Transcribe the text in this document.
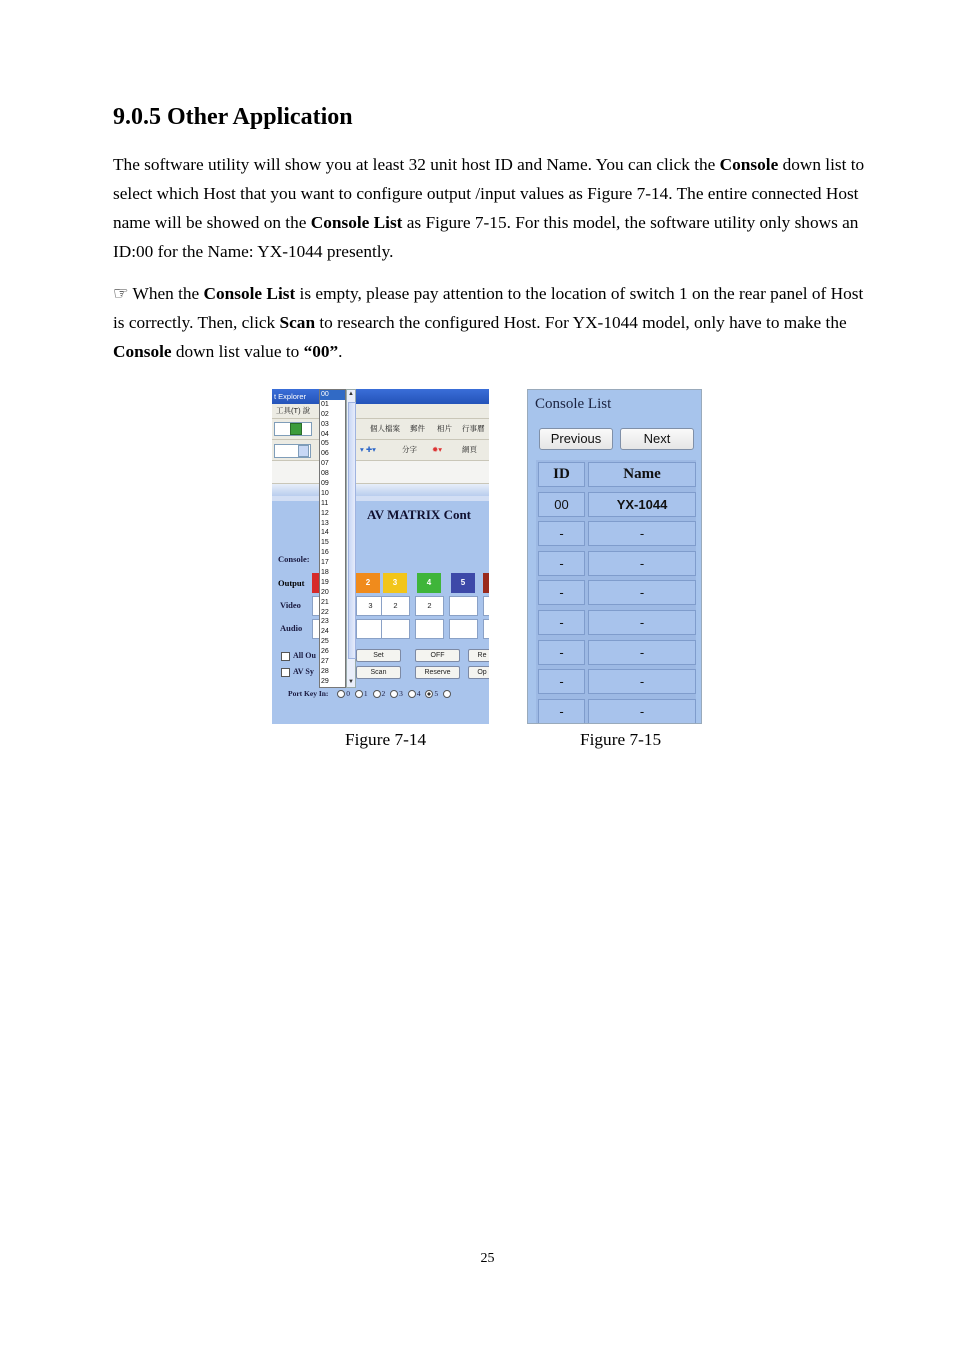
9.0.5 Other Application

The software utility will show you at least 32 unit host ID and Name. You can click the Console down list to select which Host that you want to configure output /input values as Figure 7-14. The entire connected Host name will be showed on the Console List as Figure 7-15. For this model, the software utility only shows an ID:00 for the Name: YX-1044 presently.

☞ When the Console List is empty, please pay attention to the location of switch 1 on the rear panel of Host is correctly. Then, click Scan to research the configured Host. For YX-1044 model, only have to make the Console down list value to “00”.

t Explorer
工具(T) 說
個人檔案 郵件 相片 行事曆
▾ ✚▾	分字 ✹▾	網頁
AV MATRIX Cont
Console:
Output
Video
Audio
2	3	4	5
3	2	2
All Ou
AV Sy
Set	OFF	Re
Scan	Reserve	Op
Port Key In: 0 1 2 3 4 5
00
01
02
03
04
05
06
07
08
09
10
11
12
13
14
15
16
17
18
19
20
21
22
23
24
25
26
27
28
29
▲
▼
Console List
Previous	Next
ID	Name
00	YX-1044
-	-
-	-
-	-
-	-
-	-
-	-
-	-
Figure 7-14	Figure 7-15
25
